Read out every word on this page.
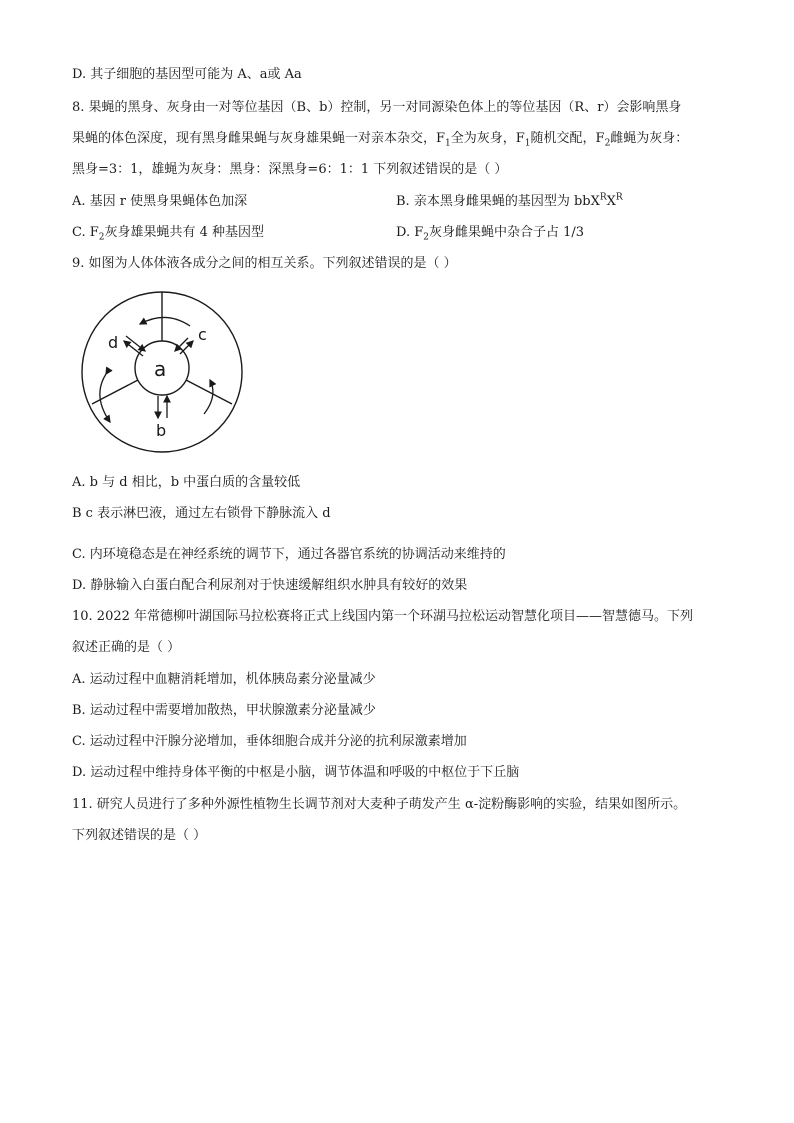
D. 其子细胞的基因型可能为 A、a或 Aa
8. 果蝇的黑身、灰身由一对等位基因（B、b）控制，另一对同源染色体上的等位基因（R、r）会影响黑身
果蝇的体色深度，现有黑身雌果蝇与灰身雄果蝇一对亲本杂交，$F_1$全为灰身，$F_1$随机交配，$F_2$雌蝇为灰身：
黑身=3：1，雄蝇为灰身：黑身：深黑身=6：1：1 下列叙述错误的是（ ）
A. 基因 r 使黑身果蝇体色加深	B. 亲本黑身雌果蝇的基因型为 $bbX^RX^R$
C. $F_2$灰身雄果蝇共有 4 种基因型	D. $F_2$灰身雌果蝇中杂合子占 1/3
9. 如图为人体体液各成分之间的相互关系。下列叙述错误的是（ ）
a
b
c
d
A. b 与 d 相比，b 中蛋白质的含量较低
B c 表示淋巴液，通过左右锁骨下静脉流入 d
C. 内环境稳态是在神经系统的调节下，通过各器官系统的协调活动来维持的
D. 静脉输入白蛋白配合利尿剂对于快速缓解组织水肿具有较好的效果
10. 2022 年常德柳叶湖国际马拉松赛将正式上线国内第一个环湖马拉松运动智慧化项目——智慧德马。下列
叙述正确的是（ ）
A. 运动过程中血糖消耗增加，机体胰岛素分泌量减少
B. 运动过程中需要增加散热，甲状腺激素分泌量减少
C. 运动过程中汗腺分泌增加，垂体细胞合成并分泌的抗利尿激素增加
D. 运动过程中维持身体平衡的中枢是小脑，调节体温和呼吸的中枢位于下丘脑
11. 研究人员进行了多种外源性植物生长调节剂对大麦种子萌发产生 α-淀粉酶影响的实验，结果如图所示。
下列叙述错误的是（ ）
